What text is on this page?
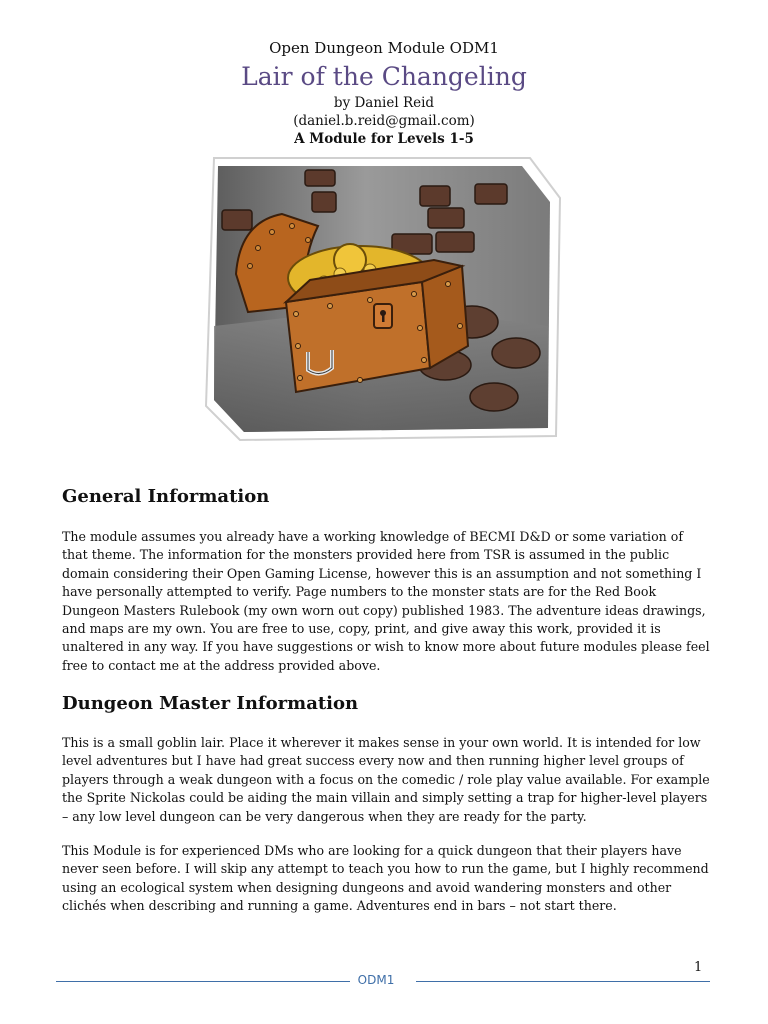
Open Dungeon Module ODM1
Lair of the Changeling
by Daniel Reid
(daniel.b.reid@gmail.com)
A Module for Levels 1-5
General Information

The module assumes you already have a working knowledge of BECMI D&D or some variation of that theme. The information for the monsters provided here from TSR is assumed in the public domain considering their Open Gaming License, however this is an assumption and not something I have personally attempted to verify. Page numbers to the monster stats are for the Red Book Dungeon Masters Rulebook (my own worn out copy) published 1983. The adventure ideas drawings, and maps are my own. You are free to use, copy, print, and give away this work, provided it is unaltered in any way. If you have suggestions or wish to know more about future modules please feel free to contact me at the address provided above.

Dungeon Master Information

This is a small goblin lair. Place it wherever it makes sense in your own world. It is intended for low level adventures but I have had great success every now and then running higher level groups of players through a weak dungeon with a focus on the comedic / role play value available. For example the Sprite Nickolas could be aiding the main villain and simply setting a trap for higher-level players – any low level dungeon can be very dangerous when they are ready for the party.

This Module is for experienced DMs who are looking for a quick dungeon that their players have never seen before. I will skip any attempt to teach you how to run the game, but I highly recommend using an ecological system when designing dungeons and avoid wandering monsters and other clichés when describing and running a game. Adventures end in bars – not start there.

1
ODM1
